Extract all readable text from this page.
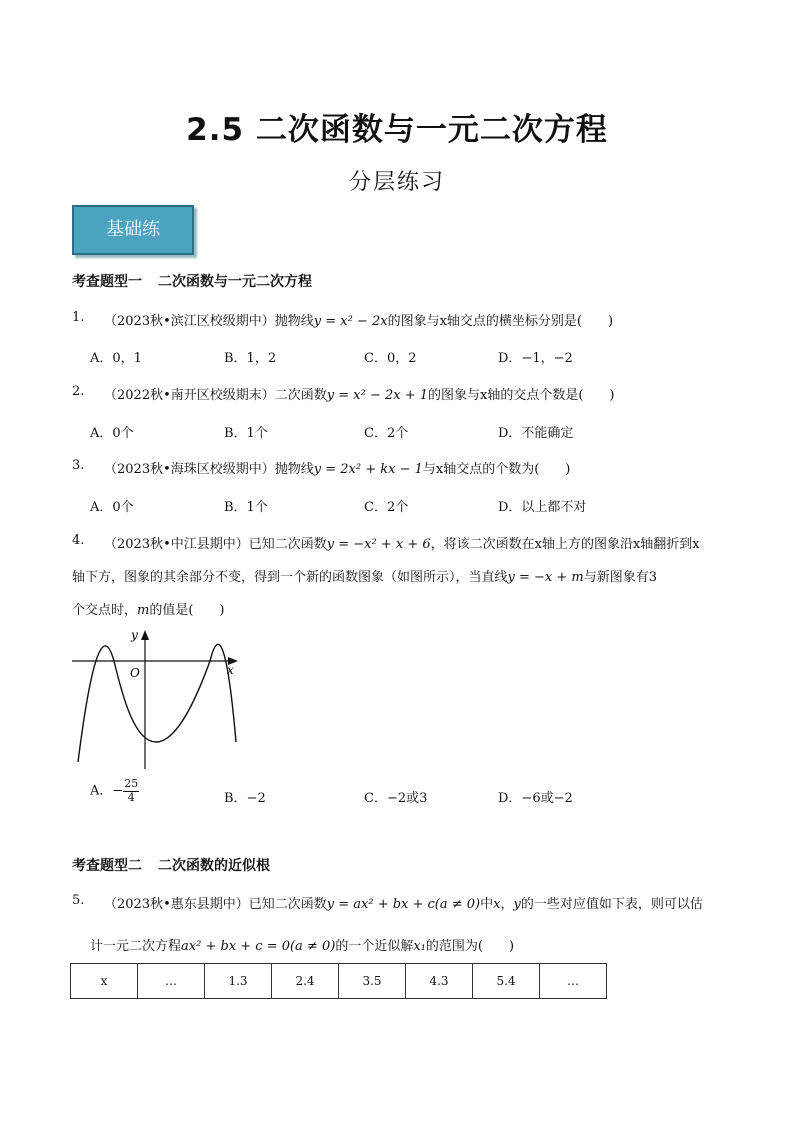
2.5 二次函数与一元二次方程
分层练习
基础练
考查题型一 二次函数与一元二次方程
1. （2023秋•滨江区校级期中）抛物线y = x² − 2x的图象与x轴交点的横坐标分别是(　　)
A．0，1	B．1，2	C．0，2	D．−1，−2
2. （2022秋•南开区校级期末）二次函数y = x² − 2x + 1的图象与x轴的交点个数是(　　)
A．0个	B．1个	C．2个	D．不能确定
3. （2023秋•海珠区校级期中）抛物线y = 2x² + kx − 1与x轴交点的个数为(　　)
A．0个	B．1个	C．2个	D．以上都不对
4. （2023秋•中江县期中）已知二次函数y = −x² + x + 6，将该二次函数在x轴上方的图象沿x轴翻折到x
轴下方，图象的其余部分不变，得到一个新的函数图象（如图所示），当直线y = −x + m与新图象有3
个交点时，m的值是(　　)
y
x
O
A．− $\frac{25}{4}$	B．−2	C．−2或3	D．−6或−2
考查题型二 二次函数的近似根
5. （2023秋•惠东县期中）已知二次函数y = ax² + bx + c(a ≠ 0)中x，y的一些对应值如下表，则可以估
计一元二次方程ax² + bx + c = 0(a ≠ 0)的一个近似解x₁的范围为(　　)
x	…	1.3	2.4	3.5	4.3	5.4	…
